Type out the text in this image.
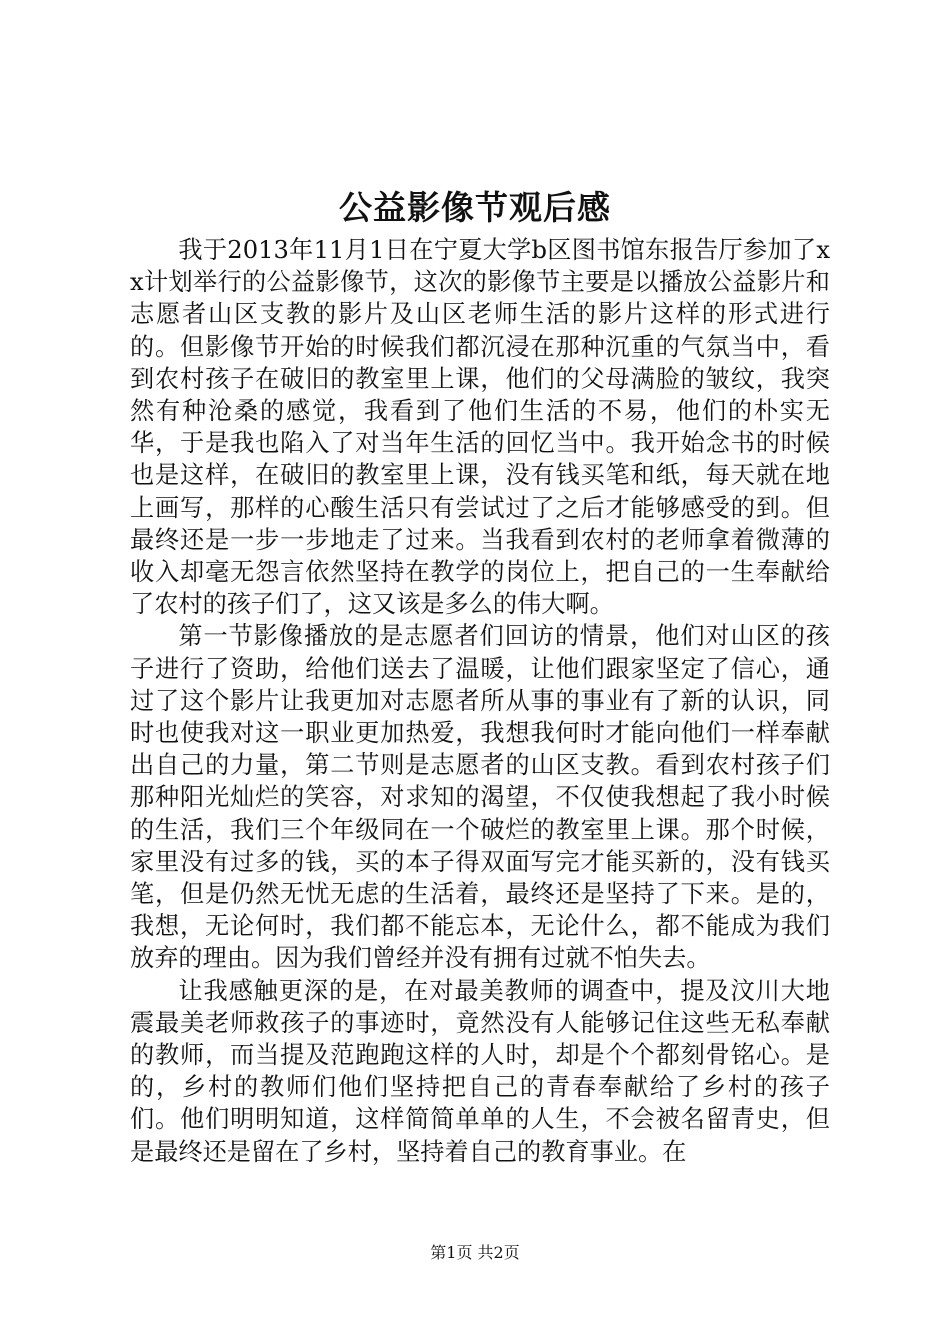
公益影像节观后感

我于2013年11月1日在宁夏大学b区图书馆东报告厅参加了xx计划举行的公益影像节，这次的影像节主要是以播放公益影片和志愿者山区支教的影片及山区老师生活的影片这样的形式进行的。但影像节开始的时候我们都沉浸在那种沉重的气氛当中，看到农村孩子在破旧的教室里上课，他们的父母满脸的皱纹，我突然有种沧桑的感觉，我看到了他们生活的不易，他们的朴实无华，于是我也陷入了对当年生活的回忆当中。我开始念书的时候也是这样，在破旧的教室里上课，没有钱买笔和纸，每天就在地上画写，那样的心酸生活只有尝试过了之后才能够感受的到。但最终还是一步一步地走了过来。当我看到农村的老师拿着微薄的收入却毫无怨言依然坚持在教学的岗位上，把自己的一生奉献给了农村的孩子们了，这又该是多么的伟大啊。

第一节影像播放的是志愿者们回访的情景，他们对山区的孩子进行了资助，给他们送去了温暖，让他们跟家坚定了信心，通过了这个影片让我更加对志愿者所从事的事业有了新的认识，同时也使我对这一职业更加热爱，我想我何时才能向他们一样奉献出自己的力量，第二节则是志愿者的山区支教。看到农村孩子们那种阳光灿烂的笑容，对求知的渴望，不仅使我想起了我小时候的生活，我们三个年级同在一个破烂的教室里上课。那个时候，家里没有过多的钱，买的本子得双面写完才能买新的，没有钱买笔，但是仍然无忧无虑的生活着，最终还是坚持了下来。是的，我想，无论何时，我们都不能忘本，无论什么，都不能成为我们放弃的理由。因为我们曾经并没有拥有过就不怕失去。

让我感触更深的是，在对最美教师的调查中，提及汶川大地震最美老师救孩子的事迹时，竟然没有人能够记住这些无私奉献的教师，而当提及范跑跑这样的人时，却是个个都刻骨铭心。是的，乡村的教师们他们坚持把自己的青春奉献给了乡村的孩子们。他们明明知道，这样简简单单的人生，不会被名留青史，但是最终还是留在了乡村，坚持着自己的教育事业。在

第1页 共2页
